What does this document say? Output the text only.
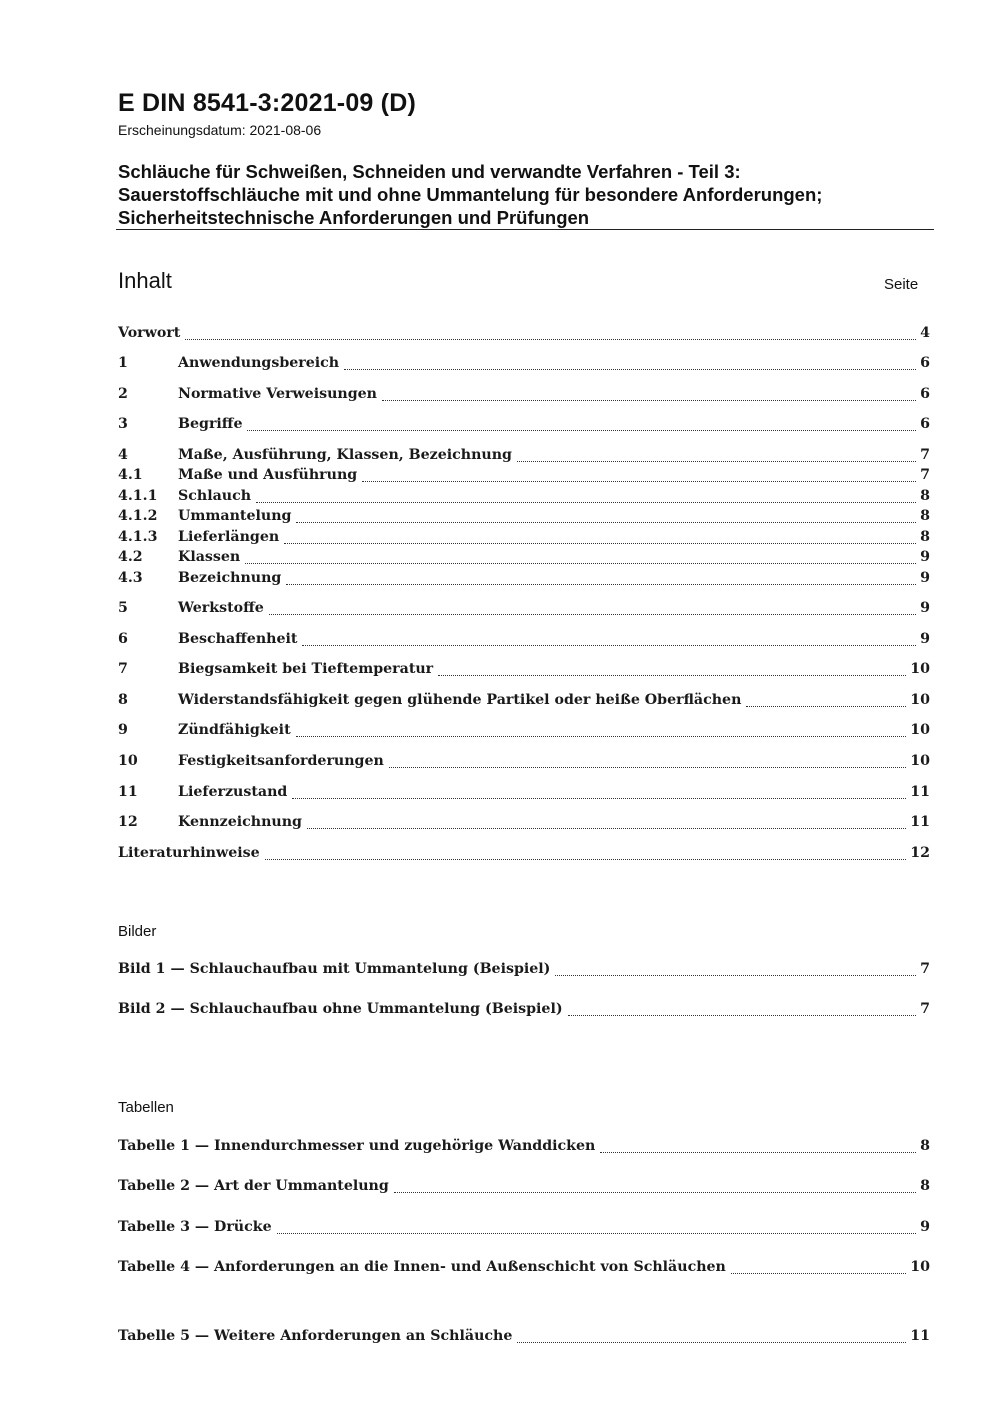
E DIN 8541-3:2021-09 (D)
Erscheinungsdatum: 2021-08-06
Schläuche für Schweißen, Schneiden und verwandte Verfahren - Teil 3:
Sauerstoffschläuche mit und ohne Ummantelung für besondere Anforderungen;
Sicherheitstechnische Anforderungen und Prüfungen
Inhalt	Seite
Vorwort	4
1	Anwendungsbereich	6
2	Normative Verweisungen	6
3	Begriffe	6
4	Maße, Ausführung, Klassen, Bezeichnung	7
4.1	Maße und Ausführung	7
4.1.1	Schlauch	8
4.1.2	Ummantelung	8
4.1.3	Lieferlängen	8
4.2	Klassen	9
4.3	Bezeichnung	9
5	Werkstoffe	9
6	Beschaffenheit	9
7	Biegsamkeit bei Tieftemperatur	10
8	Widerstandsfähigkeit gegen glühende Partikel oder heiße Oberflächen	10
9	Zündfähigkeit	10
10	Festigkeitsanforderungen	10
11	Lieferzustand	11
12	Kennzeichnung	11
Literaturhinweise	12
Bilder
Bild 1 — Schlauchaufbau mit Ummantelung (Beispiel)	7
Bild 2 — Schlauchaufbau ohne Ummantelung (Beispiel)	7
Tabellen
Tabelle 1 — Innendurchmesser und zugehörige Wanddicken	8
Tabelle 2 — Art der Ummantelung	8
Tabelle 3 — Drücke	9
Tabelle 4 — Anforderungen an die Innen- und Außenschicht von Schläuchen	10
Tabelle 5 — Weitere Anforderungen an Schläuche	11
